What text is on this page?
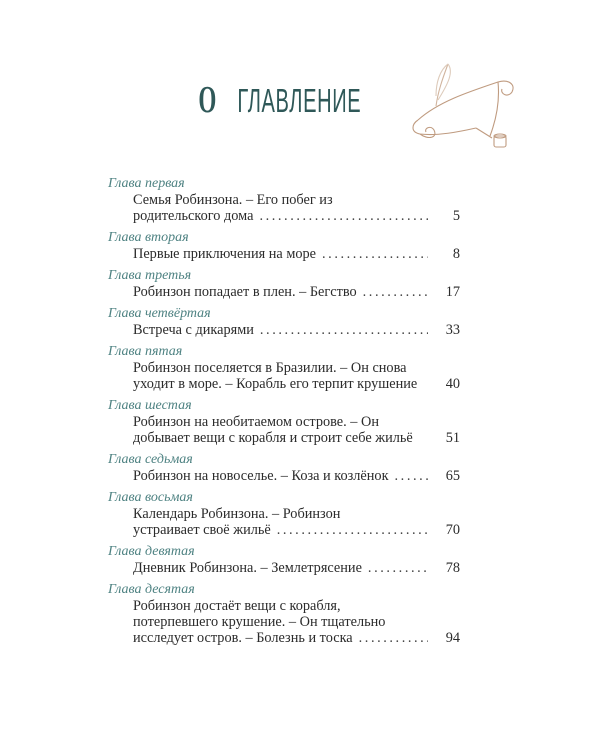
О ГЛАВЛЕНИЕ
Глава первая
Семья Робинзона. – Его побег из
родительского дома . . .	5
Глава вторая
Первые приключения на море . . .	8
Глава третья
Робинзон попадает в плен. – Бегство . . .	17
Глава четвёртая
Встреча с дикарями . . .	33
Глава пятая
Робинзон поселяется в Бразилии. – Он снова
уходит в море. – Корабль его терпит крушение	40
Глава шестая
Робинзон на необитаемом острове. – Он
добывает вещи с корабля и строит себе жильё	51
Глава седьмая
Робинзон на новоселье. – Коза и козлёнок . . .	65
Глава восьмая
Календарь Робинзона. – Робинзон
устраивает своё жильё . . .	70
Глава девятая
Дневник Робинзона. – Землетрясение . . .	78
Глава десятая
Робинзон достаёт вещи с корабля,
потерпевшего крушение. – Он тщательно
исследует остров. – Болезнь и тоска . . .	94
